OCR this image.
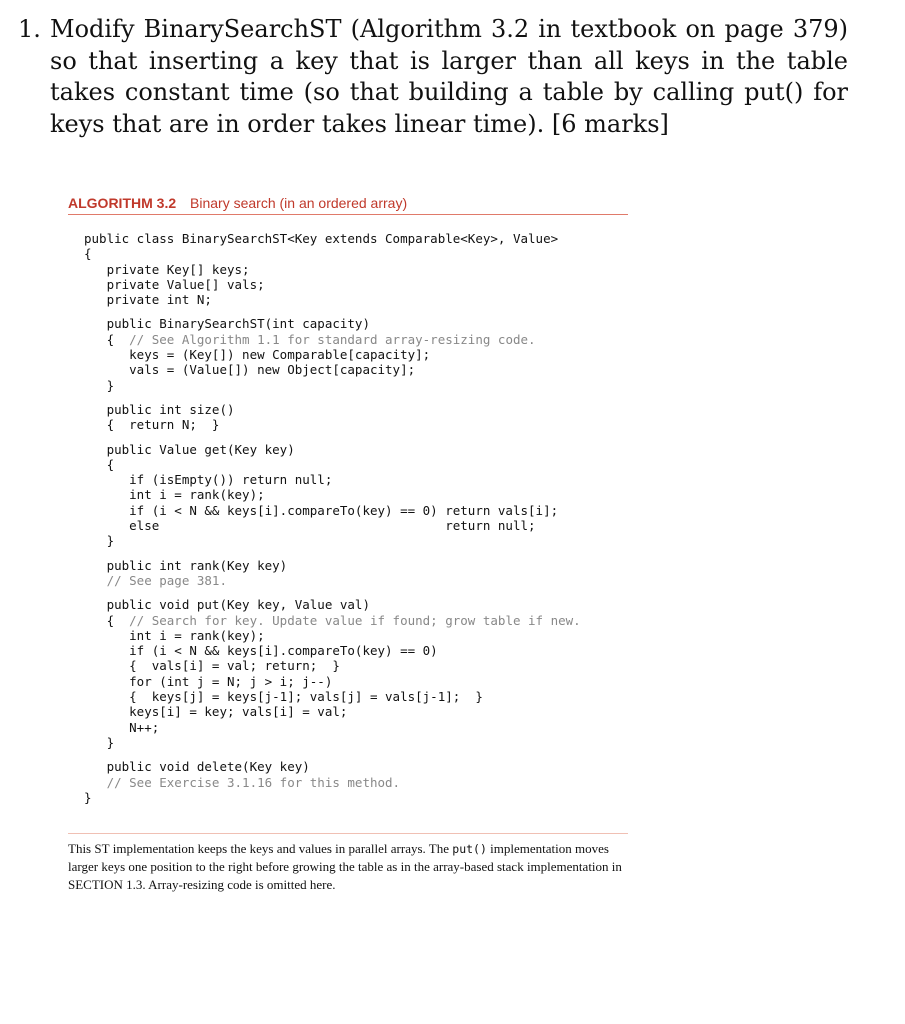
1. Modify BinarySearchST (Algorithm 3.2 in textbook on page 379) so that inserting a key that is larger than all keys in the table takes constant time (so that building a table by calling put() for keys that are in order takes linear time). [6 marks]
ALGORITHM 3.2 Binary search (in an ordered array)
public class BinarySearchST<Key extends Comparable<Key>, Value>
{
private Key[] keys;
private Value[] vals;
private int N;
public BinarySearchST(int capacity)
{  // See Algorithm 1.1 for standard array-resizing code.
keys = (Key[]) new Comparable[capacity];
vals = (Value[]) new Object[capacity];
}
public int size()
{  return N;  }
public Value get(Key key)
{
if (isEmpty()) return null;
int i = rank(key);
if (i < N && keys[i].compareTo(key) == 0) return vals[i];
else                                      return null;
}
public int rank(Key key)
// See page 381.
public void put(Key key, Value val)
{  // Search for key. Update value if found; grow table if new.
int i = rank(key);
if (i < N && keys[i].compareTo(key) == 0)
{  vals[i] = val; return;  }
for (int j = N; j > i; j--)
{  keys[j] = keys[j-1]; vals[j] = vals[j-1];  }
keys[i] = key; vals[i] = val;
N++;
}
public void delete(Key key)
// See Exercise 3.1.16 for this method.
}
This ST implementation keeps the keys and values in parallel arrays. The put() implementation moves larger keys one position to the right before growing the table as in the array-based stack implementation in SECTION 1.3. Array-resizing code is omitted here.
